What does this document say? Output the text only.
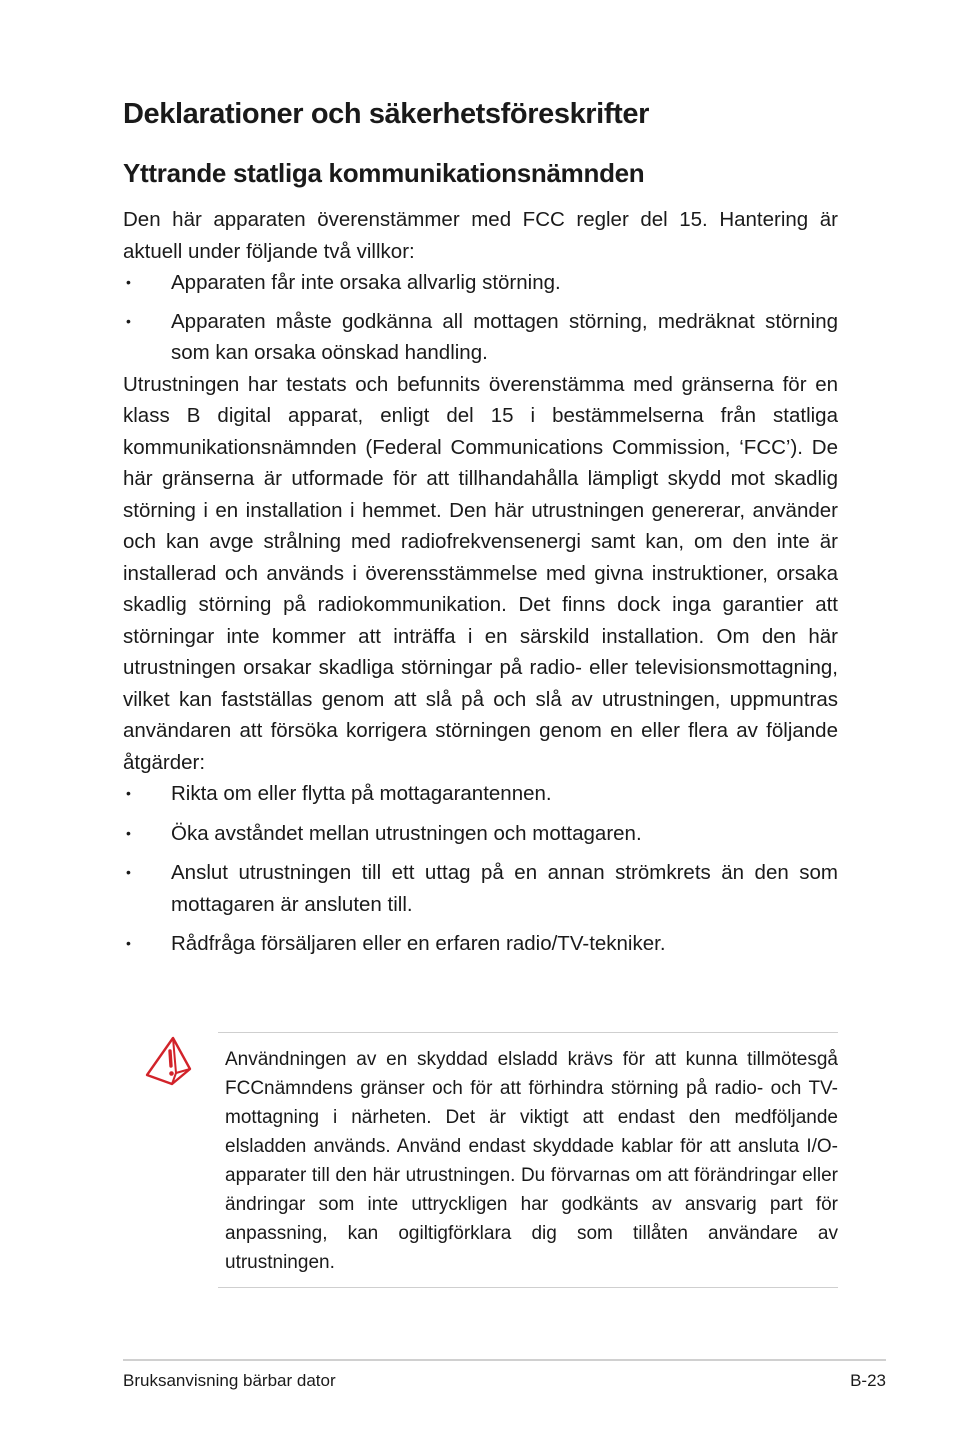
Deklarationer och säkerhetsföreskrifter
Yttrande statliga kommunikationsnämnden

Den här apparaten överenstämmer med FCC regler del 15. Hantering är aktuell under följande två villkor:

• Apparaten får inte orsaka allvarlig störning.
• Apparaten måste godkänna all mottagen störning, medräknat störning som kan orsaka oönskad handling.

Utrustningen har testats och befunnits överenstämma med gränserna för en klass B digital apparat, enligt del 15 i bestämmelserna från statliga kommunikationsnämnden (Federal Communications Commission, ‘FCC’). De här gränserna är utformade för att tillhandahålla lämpligt skydd mot skadlig störning i en installation i hemmet. Den här utrustningen genererar, använder och kan avge strålning med radiofrekvensenergi samt kan, om den inte är installerad och används i överensstämmelse med givna instruktioner, orsaka skadlig störning på radiokommunikation. Det finns dock inga garantier att störningar inte kommer att inträffa i en särskild installation. Om den här utrustningen orsakar skadliga störningar på radio- eller televisionsmottagning, vilket kan fastställas genom att slå på och slå av utrustningen, uppmuntras användaren att försöka korrigera störningen genom en eller flera av följande åtgärder:

• Rikta om eller flytta på mottagarantennen.
• Öka avståndet mellan utrustningen och mottagaren.
• Anslut utrustningen till ett uttag på en annan strömkrets än den som mottagaren är ansluten till.
• Rådfråga försäljaren eller en erfaren radio/TV-tekniker.

Användningen av en skyddad elsladd krävs för att kunna tillmötesgå FCCnämndens gränser och för att förhindra störning på radio- och TV-mottagning i närheten. Det är viktigt att endast den medföljande elsladden används. Använd endast skyddade kablar för att ansluta I/O-apparater till den här utrustningen. Du förvarnas om att förändringar eller ändringar som inte uttryckligen har godkänts av ansvarig part för anpassning, kan ogiltigförklara dig som tillåten användare av utrustningen.

Bruksanvisning bärbar dator	B-23
